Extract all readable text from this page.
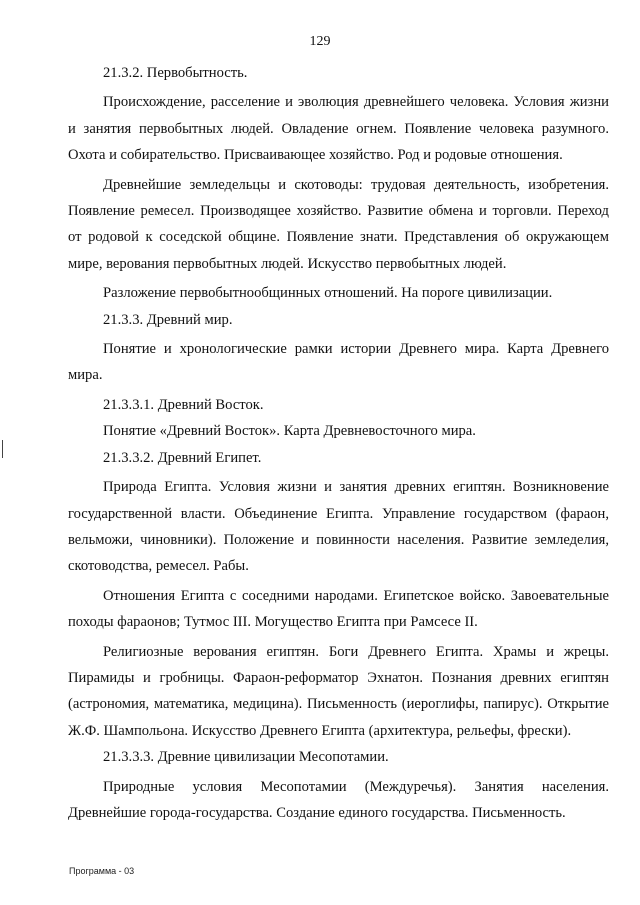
129

21.3.2. Первобытность.

Происхождение, расселение и эволюция древнейшего человека. Условия жизни и занятия первобытных людей. Овладение огнем. Появление человека разумного. Охота и собирательство. Присваивающее хозяйство. Род и родовые отношения.

Древнейшие земледельцы и скотоводы: трудовая деятельность, изобретения. Появление ремесел. Производящее хозяйство. Развитие обмена и торговли. Переход от родовой к соседской общине. Появление знати. Представления об окружающем мире, верования первобытных людей. Искусство первобытных людей.

Разложение первобытнообщинных отношений. На пороге цивилизации.

21.3.3. Древний мир.

Понятие и хронологические рамки истории Древнего мира. Карта Древнего мира.

21.3.3.1. Древний Восток.

Понятие «Древний Восток». Карта Древневосточного мира.

21.3.3.2. Древний Египет.

Природа Египта. Условия жизни и занятия древних египтян. Возникновение государственной власти. Объединение Египта. Управление государством (фараон, вельможи, чиновники). Положение и повинности населения. Развитие земледелия, скотоводства, ремесел. Рабы.

Отношения Египта с соседними народами. Египетское войско. Завоевательные походы фараонов; Тутмос III. Могущество Египта при Рамсесе II.

Религиозные верования египтян. Боги Древнего Египта. Храмы и жрецы. Пирамиды и гробницы. Фараон-реформатор Эхнатон. Познания древних египтян (астрономия, математика, медицина). Письменность (иероглифы, папирус). Открытие Ж.Ф. Шампольона. Искусство Древнего Египта (архитектура, рельефы, фрески).

21.3.3.3. Древние цивилизации Месопотамии.

Природные условия Месопотамии (Междуречья). Занятия населения. Древнейшие города-государства. Создание единого государства. Письменность.

Программа - 03
